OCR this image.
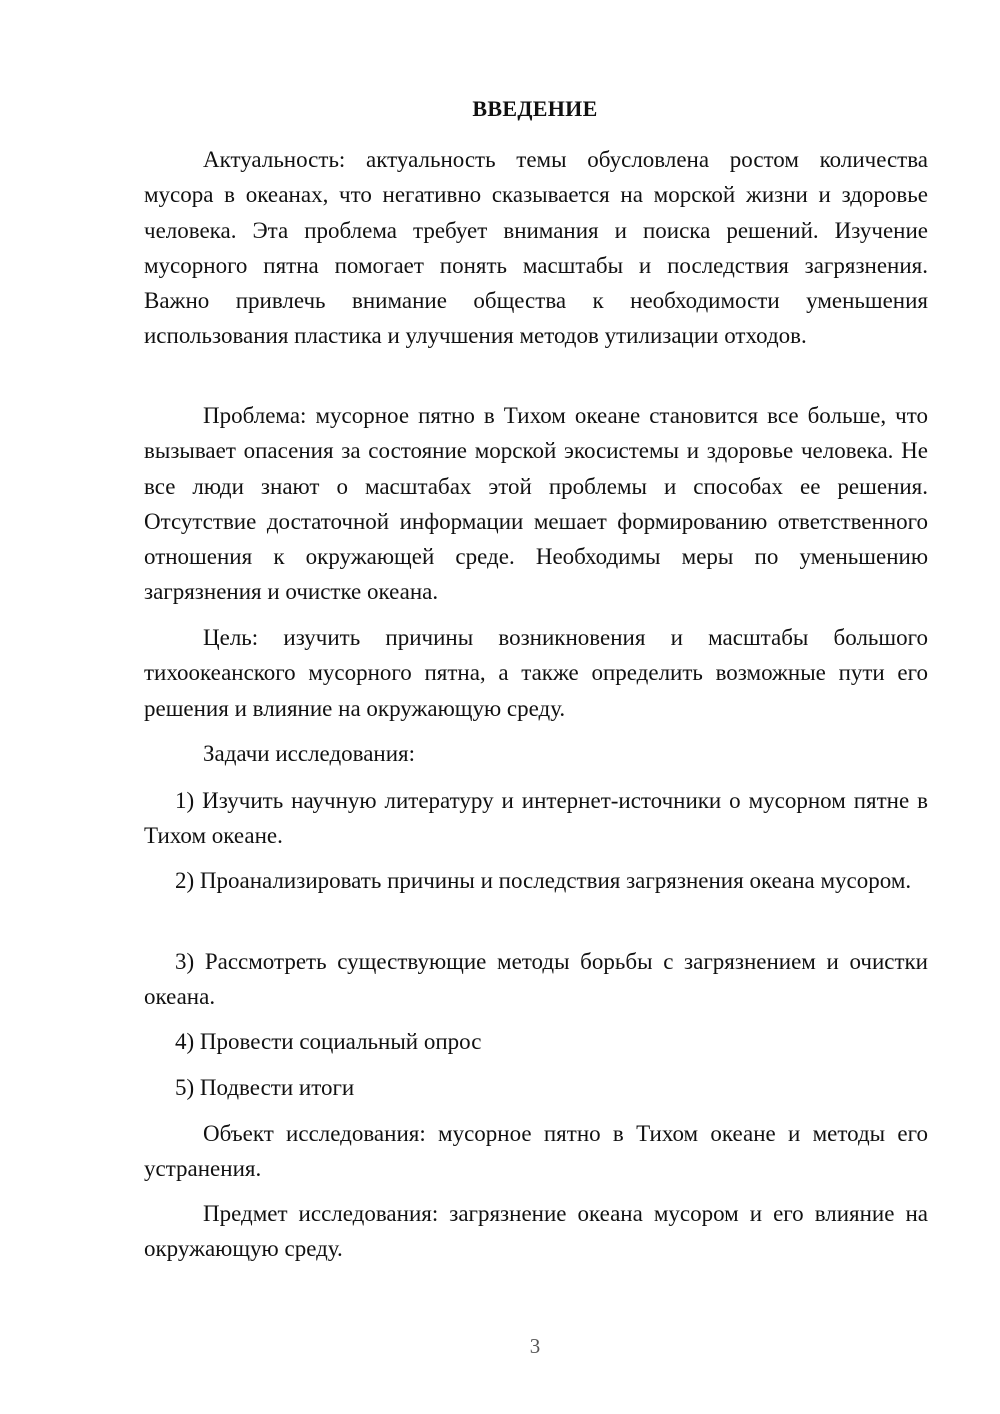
ВВЕДЕНИЕ

Актуальность: актуальность темы обусловлена ростом количества мусора в океанах, что негативно сказывается на морской жизни и здоровье человека. Эта проблема требует внимания и поиска решений. Изучение мусорного пятна помогает понять масштабы и последствия загрязнения. Важно привлечь внимание общества к необходимости уменьшения использования пластика и улучшения методов утилизации отходов.

Проблема: мусорное пятно в Тихом океане становится все больше, что вызывает опасения за состояние морской экосистемы и здоровье человека. Не все люди знают о масштабах этой проблемы и способах ее решения. Отсутствие достаточной информации мешает формированию ответственного отношения к окружающей среде. Необходимы меры по уменьшению загрязнения и очистке океана.

Цель: изучить причины возникновения и масштабы большого тихоокеанского мусорного пятна, а также определить возможные пути его решения и влияние на окружающую среду.

Задачи исследования:

1) Изучить научную литературу и интернет-источники о мусорном пятне в Тихом океане.

2) Проанализировать причины и последствия загрязнения океана мусором.

3) Рассмотреть существующие методы борьбы с загрязнением и очистки океана.

4) Провести социальный опрос

5) Подвести итоги

Объект исследования: мусорное пятно в Тихом океане и методы его устранения.

Предмет исследования: загрязнение океана мусором и его влияние на окружающую среду.

3
